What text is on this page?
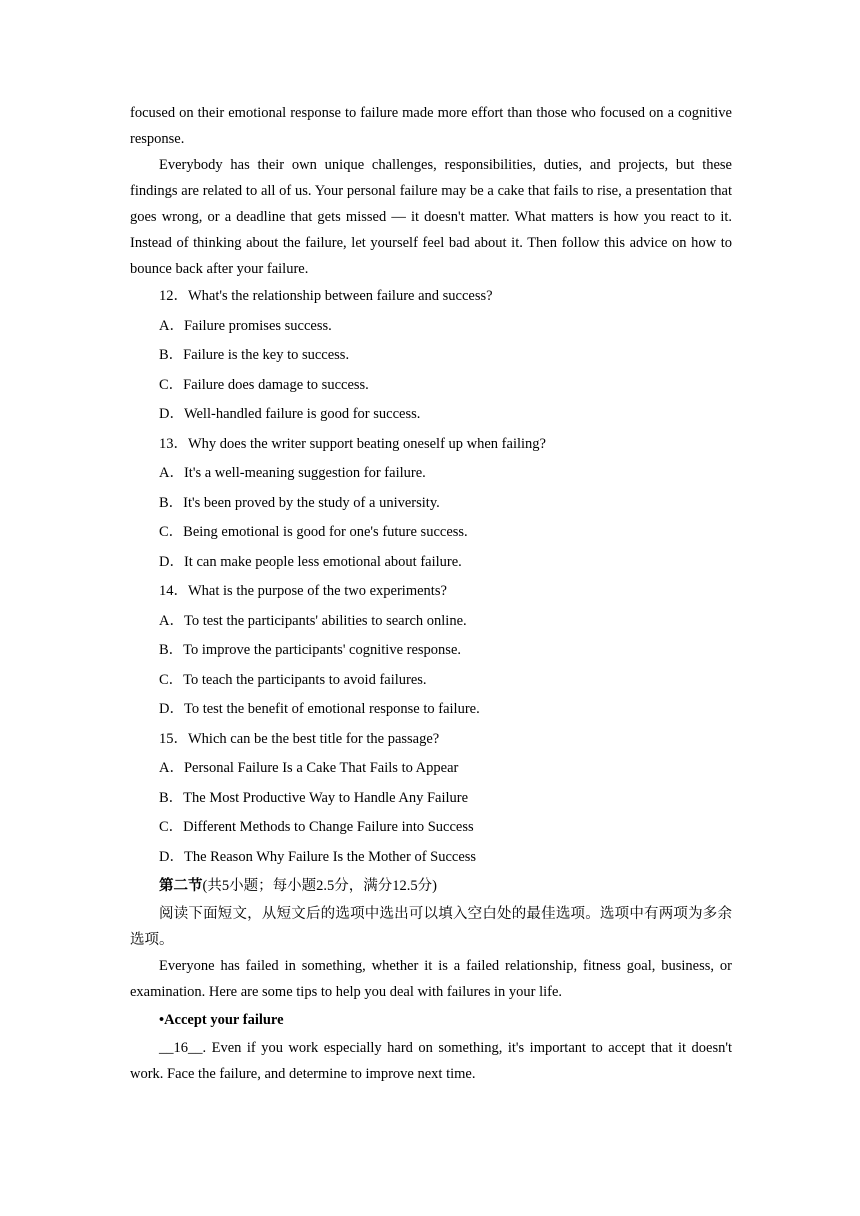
focused on their emotional response to failure made more effort than those who focused on a cognitive response.

Everybody has their own unique challenges, responsibilities, duties, and projects, but these findings are related to all of us. Your personal failure may be a cake that fails to rise, a presentation that goes wrong, or a deadline that gets missed — it doesn't matter. What matters is how you react to it. Instead of thinking about the failure, let yourself feel bad about it. Then follow this advice on how to bounce back after your failure.

12．What's the relationship between failure and success?

A．Failure promises success.

B．Failure is the key to success.

C．Failure does damage to success.

D．Well-handled failure is good for success.

13．Why does the writer support beating oneself up when failing?

A．It's a well-meaning suggestion for failure.

B．It's been proved by the study of a university.

C．Being emotional is good for one's future success.

D．It can make people less emotional about failure.

14．What is the purpose of the two experiments?

A．To test the participants' abilities to search online.

B．To improve the participants' cognitive response.

C．To teach the participants to avoid failures.

D．To test the benefit of emotional response to failure.

15．Which can be the best title for the passage?

A．Personal Failure Is a Cake That Fails to Appear

B．The Most Productive Way to Handle Any Failure

C．Different Methods to Change Failure into Success

D．The Reason Why Failure Is the Mother of Success

第二节(共5小题；每小题2.5分，满分12.5分)

阅读下面短文，从短文后的选项中选出可以填入空白处的最佳选项。选项中有两项为多余选项。

Everyone has failed in something, whether it is a failed relationship, fitness goal, business, or examination. Here are some tips to help you deal with failures in your life.

•Accept your failure

__16__. Even if you work especially hard on something, it's important to accept that it doesn't work. Face the failure, and determine to improve next time.
